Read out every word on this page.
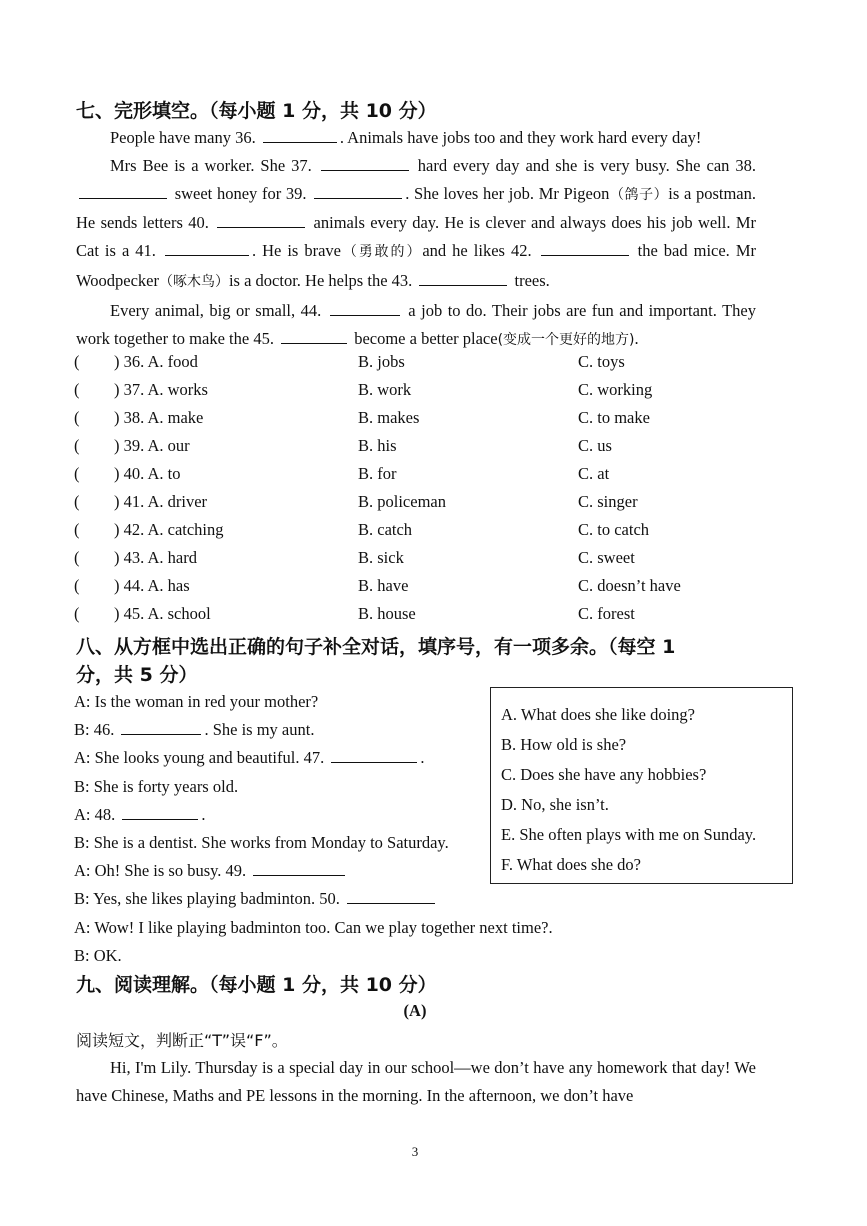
七、完形填空。（每小题 1 分，共 10 分）

People have many 36.	. Animals have jobs too and they work hard every day!

Mrs Bee is a worker. She 37.	hard every day and she is very busy. She can 38.  sweet honey for 39.	. She loves her job. Mr Pigeon（鸽子）is a postman. He sends letters 40.	animals every day. He is clever and always does his job well. Mr Cat is a 41.	. He is brave（勇敢的）and he likes 42.	the bad mice. Mr Woodpecker（啄木鸟）is a doctor. He helps the 43.	trees.

Every animal, big or small, 44.	a job to do. Their jobs are fun and important. They work together to make the 45.	become a better place(变成一个更好的地方).

( ) 36. A. food	B. jobs	C. toys
( ) 37. A. works	B. work	C. working
( ) 38. A. make	B. makes	C. to make
( ) 39. A. our	B. his	C. us
( ) 40. A. to	B. for	C. at
( ) 41. A. driver	B. policeman	C. singer
( ) 42. A. catching	B. catch	C. to catch
( ) 43. A. hard	B. sick	C. sweet
( ) 44. A. has	B. have	C. doesn’t have
( ) 45. A. school	B. house	C. forest
八、从方框中选出正确的句子补全对话，填序号，有一项多余。（每空 1
分，共 5 分）
A: Is the woman in red your mother?
B: 46.	. She is my aunt.
A: She looks young and beautiful. 47.	.
B: She is forty years old.
A: 48.	.
B: She is a dentist. She works from Monday to Saturday.
A: Oh! She is so busy. 49.
B: Yes, she likes playing badminton. 50.
A: Wow! I like playing badminton too. Can we play together next time?.
B: OK.
A. What does she like doing?
B. How old is she?
C. Does she have any hobbies?
D. No, she isn’t.
E. She often plays with me on Sunday.
F. What does she do?
九、阅读理解。（每小题 1 分，共 10 分）
(A)
阅读短文，判断正“T”误“F”。

Hi, I'm Lily. Thursday is a special day in our school—we don’t have any homework that day! We have Chinese, Maths and PE lessons in the morning. In the afternoon, we don’t have

3
